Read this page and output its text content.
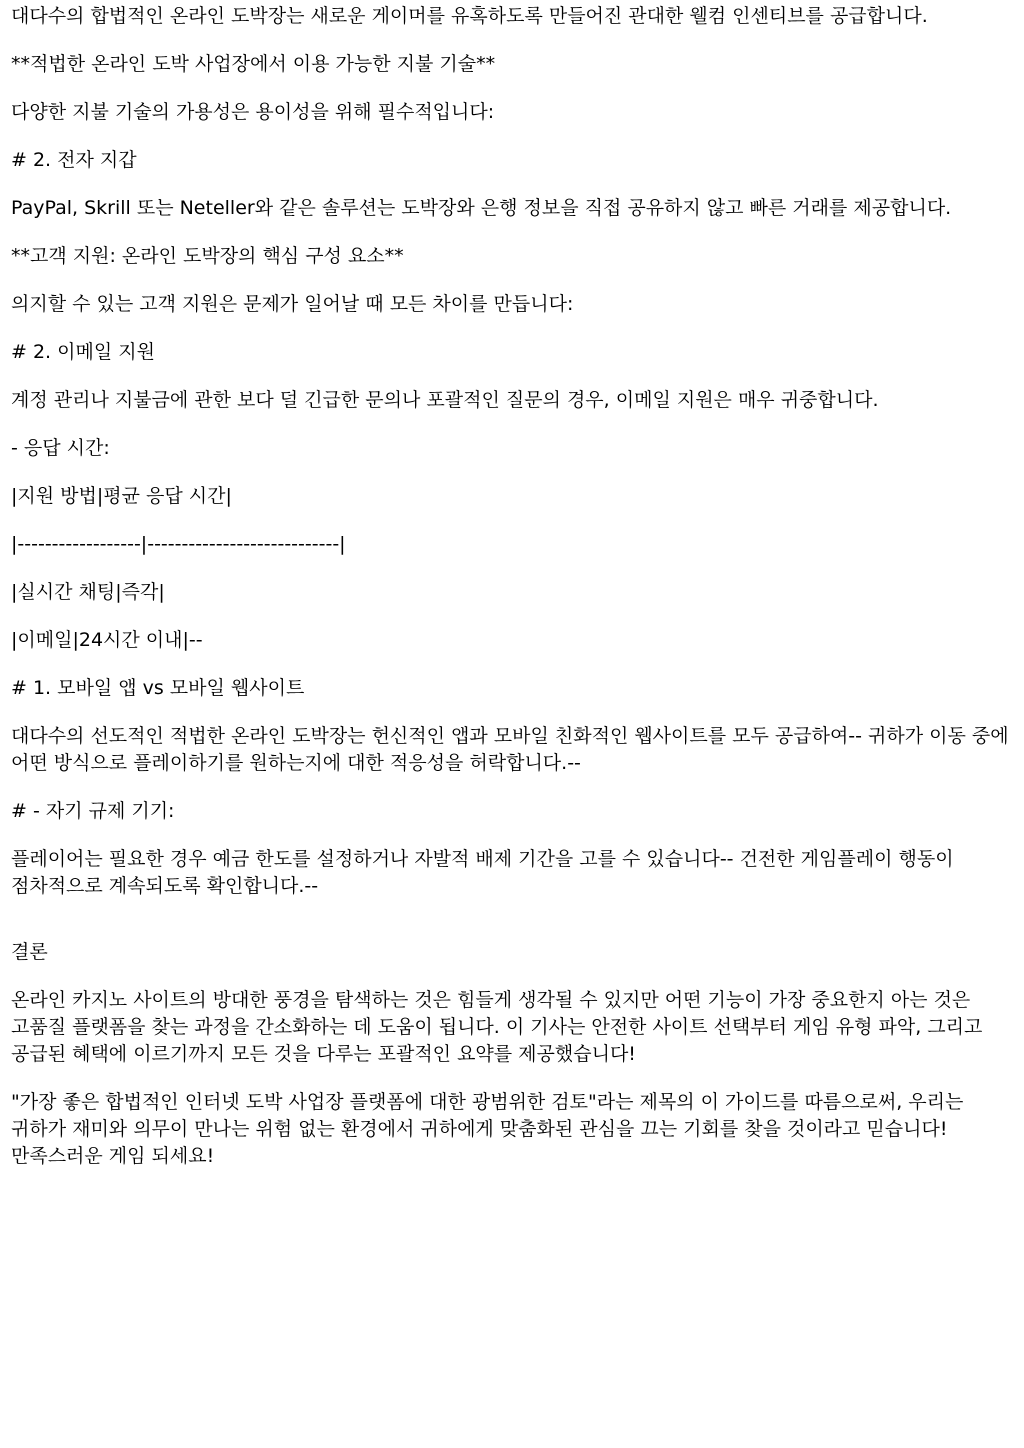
대다수의 합법적인 온라인 도박장는 새로운 게이머를 유혹하도록 만들어진 관대한 웰컴 인센티브를 공급합니다.

**적법한 온라인 도박 사업장에서 이용 가능한 지불 기술**

다양한 지불 기술의 가용성은 용이성을 위해 필수적입니다:

# 2. 전자 지갑

PayPal, Skrill 또는 Neteller와 같은 솔루션는 도박장와 은행 정보을 직접 공유하지 않고 빠른 거래를 제공합니다.

**고객 지원: 온라인 도박장의 핵심 구성 요소**

의지할 수 있는 고객 지원은 문제가 일어날 때 모든 차이를 만듭니다:

# 2. 이메일 지원

계정 관리나 지불금에 관한 보다 덜 긴급한 문의나 포괄적인 질문의 경우, 이메일 지원은 매우 귀중합니다.

- 응답 시간:

|지원 방법|평균 응답 시간|

|------------------|----------------------------|

|실시간 채팅|즉각|

|이메일|24시간 이내|--

# 1. 모바일 앱 vs 모바일 웹사이트

대다수의 선도적인 적법한 온라인 도박장는 헌신적인 앱과 모바일 친화적인 웹사이트를 모두 공급하여-- 귀하가 이동 중에 어떤 방식으로 플레이하기를 원하는지에 대한 적응성을 허락합니다.--

# - 자기 규제 기기:

플레이어는 필요한 경우 예금 한도를 설정하거나 자발적 배제 기간을 고를 수 있습니다-- 건전한 게임플레이 행동이 점차적으로 계속되도록 확인합니다.--

결론

온라인 카지노 사이트의 방대한 풍경을 탐색하는 것은 힘들게 생각될 수 있지만 어떤 기능이 가장 중요한지 아는 것은 고품질 플랫폼을 찾는 과정을 간소화하는 데 도움이 됩니다. 이 기사는 안전한 사이트 선택부터 게임 유형 파악, 그리고 공급된 혜택에 이르기까지 모든 것을 다루는 포괄적인 요약를 제공했습니다!

"가장 좋은 합법적인 인터넷 도박 사업장 플랫폼에 대한 광범위한 검토"라는 제목의 이 가이드를 따름으로써, 우리는 귀하가 재미와 의무이 만나는 위험 없는 환경에서 귀하에게 맞춤화된 관심을 끄는 기회를 찾을 것이라고 믿습니다! 만족스러운 게임 되세요!
